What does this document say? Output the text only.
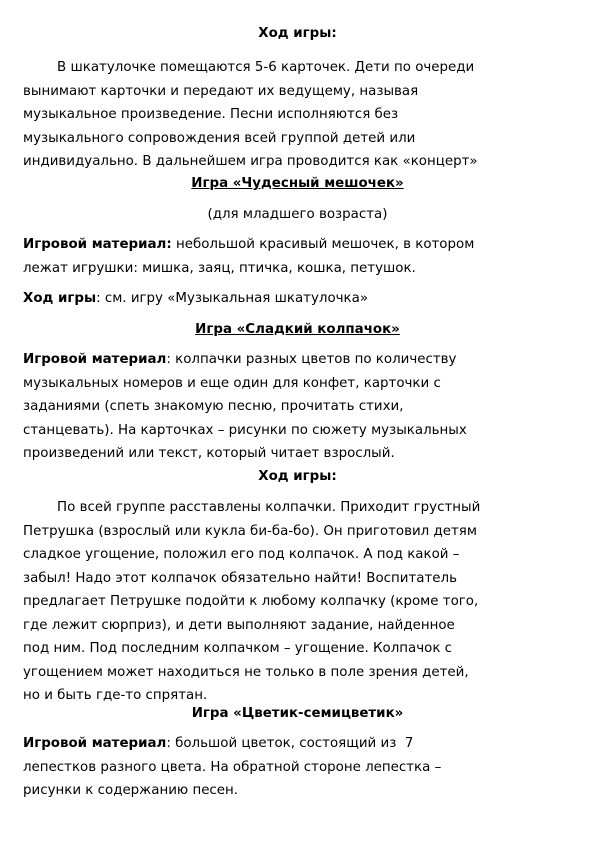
Ход игры:
В шкатулочке помещаются 5-6 карточек. Дети по очереди
вынимают карточки и передают их ведущему, называя
музыкальное произведение. Песни исполняются без
музыкального сопровождения всей группой детей или
индивидуально. В дальнейшем игра проводится как «концерт»
Игра «Чудесный мешочек»
(для младшего возраста)
Игровой материал: небольшой красивый мешочек, в котором
лежат игрушки: мишка, заяц, птичка, кошка, петушок.
Ход игры: см. игру «Музыкальная шкатулочка»
Игра «Сладкий колпачок»
Игровой материал: колпачки разных цветов по количеству
музыкальных номеров и еще один для конфет, карточки с
заданиями (спеть знакомую песню, прочитать стихи,
станцевать). На карточках – рисунки по сюжету музыкальных
произведений или текст, который читает взрослый.
Ход игры:
По всей группе расставлены колпачки. Приходит грустный
Петрушка (взрослый или кукла би-ба-бо). Он приготовил детям
сладкое угощение, положил его под колпачок. А под какой –
забыл! Надо этот колпачок обязательно найти! Воспитатель
предлагает Петрушке подойти к любому колпачку (кроме того,
где лежит сюрприз), и дети выполняют задание, найденное
под ним. Под последним колпачком – угощение. Колпачок с
угощением может находиться не только в поле зрения детей,
но и быть где-то спрятан.
Игра «Цветик-семицветик»
Игровой материал: большой цветок, состоящий из  7
лепестков разного цвета. На обратной стороне лепестка –
рисунки к содержанию песен.
